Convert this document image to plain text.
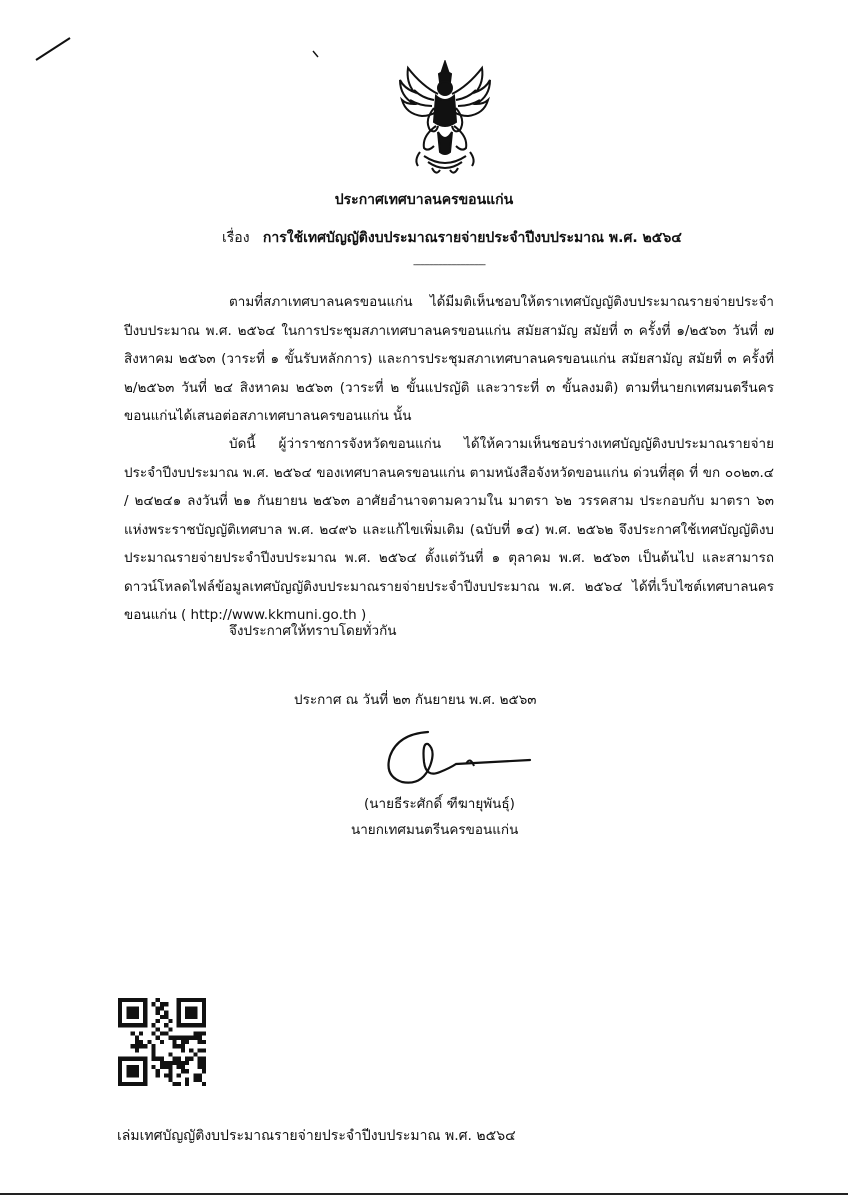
ประกาศเทศบาลนครขอนแก่น
เรื่อง การใช้เทศบัญญัติงบประมาณรายจ่ายประจำปีงบประมาณ พ.ศ. ๒๕๖๔
--------------------------------
ตามที่สภาเทศบาลนครขอนแก่น ได้มีมติเห็นชอบให้ตราเทศบัญญัติงบประมาณรายจ่ายประจำปีงบประมาณ พ.ศ. ๒๕๖๔ ในการประชุมสภาเทศบาลนครขอนแก่น สมัยสามัญ สมัยที่ ๓ ครั้งที่ ๑/๒๕๖๓ วันที่ ๗ สิงหาคม ๒๕๖๓ (วาระที่ ๑ ขั้นรับหลักการ) และการประชุมสภาเทศบาลนครขอนแก่น สมัยสามัญ สมัยที่ ๓ ครั้งที่ ๒/๒๕๖๓ วันที่ ๒๔ สิงหาคม ๒๕๖๓ (วาระที่ ๒ ขั้นแปรญัติ และวาระที่ ๓ ขั้นลงมติ) ตามที่นายกเทศมนตรีนครขอนแก่นได้เสนอต่อสภาเทศบาลนครขอนแก่น นั้น
บัดนี้ ผู้ว่าราชการจังหวัดขอนแก่น ได้ให้ความเห็นชอบร่างเทศบัญญัติงบประมาณรายจ่ายประจำปีงบประมาณ พ.ศ. ๒๕๖๔ ของเทศบาลนครขอนแก่น ตามหนังสือจังหวัดขอนแก่น ด่วนที่สุด ที่ ขก ๐๐๒๓.๔ / ๒๔๒๔๑ ลงวันที่ ๒๑ กันยายน ๒๕๖๓ อาศัยอำนาจตามความใน มาตรา ๖๒ วรรคสาม ประกอบกับ มาตรา ๖๓ แห่งพระราชบัญญัติเทศบาล พ.ศ. ๒๔๙๖ และแก้ไขเพิ่มเติม (ฉบับที่ ๑๔) พ.ศ. ๒๕๖๒ จึงประกาศใช้เทศบัญญัติงบประมาณรายจ่ายประจำปีงบประมาณ พ.ศ. ๒๕๖๔ ตั้งแต่วันที่ ๑ ตุลาคม พ.ศ. ๒๕๖๓ เป็นต้นไป และสามารถดาวน์โหลดไฟล์ข้อมูลเทศบัญญัติงบประมาณรายจ่ายประจำปีงบประมาณ พ.ศ. ๒๕๖๔ ได้ที่เว็บไซต์เทศบาลนครขอนแก่น ( http://www.kkmuni.go.th )
จึงประกาศให้ทราบโดยทั่วกัน
ประกาศ ณ วันที่ ๒๓ กันยายน พ.ศ. ๒๕๖๓
(นายธีระศักดิ์ ฑีฆายุพันธุ์)
นายกเทศมนตรีนครขอนแก่น
เล่มเทศบัญญัติงบประมาณรายจ่ายประจำปีงบประมาณ พ.ศ. ๒๕๖๔
